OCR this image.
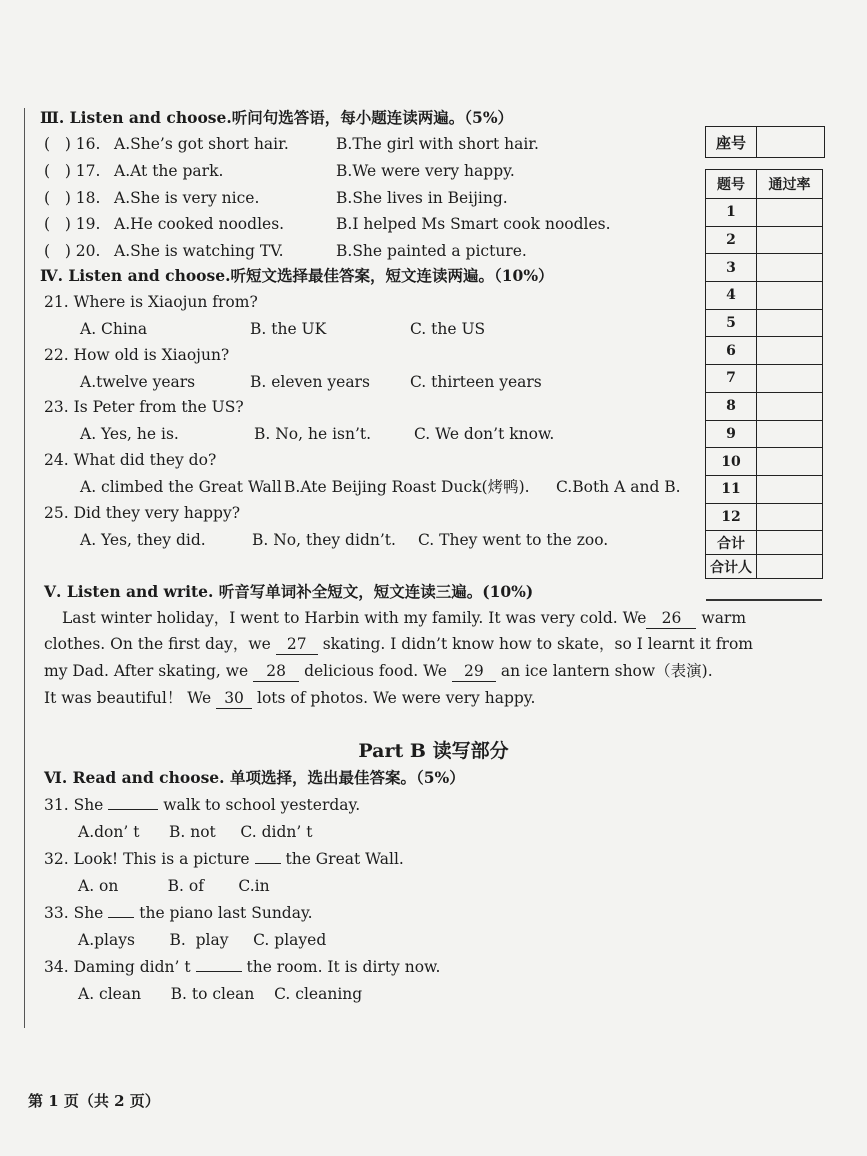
Ⅲ. Listen and choose.听问句选答语，每小题连读两遍。（5%）
(   ) 16. A.She’s got short hair.	B.The girl with short hair.
(   ) 17. A.At the park.	B.We were very happy.
(   ) 18. A.She is very nice.	B.She lives in Beijing.
(   ) 19. A.He cooked noodles.	B.I helped Ms Smart cook noodles.
(   ) 20. A.She is watching TV.	B.She painted a picture.
Ⅳ. Listen and choose.听短文选择最佳答案，短文连读两遍。（10%）
21. Where is Xiaojun from?
A. China	B. the UK	C. the US
22. How old is Xiaojun?
A.twelve years	B. eleven years	C. thirteen years
23. Is Peter from the US?
A. Yes, he is.	B. No, he isn’t.	C. We don’t know.
24. What did they do?
A. climbed the Great Wall B.Ate Beijing Roast Duck(烤鸭). C.Both A and B.
25. Did they very happy?
A. Yes, they did.	B. No, they didn’t. C. They went to the zoo.
Ⅴ. Listen and write. 听音写单词补全短文，短文连读三遍。(10%)
Last winter holiday，I went to Harbin with my family. It was very cold. We 26 warm
clothes. On the first day，we 27 skating. I didn’t know how to skate，so I learnt it from
my Dad. After skating, we 28 delicious food. We 29 an ice lantern show（表演).
It was beautiful！ We 30 lots of photos. We were very happy.
Part B 读写部分
Ⅵ. Read and choose. 单项选择，选出最佳答案。（5%）
31. She	walk to school yesterday.
A.don’ t      B. not     C. didn’ t
32. Look! This is a picture the Great Wall.
A. on          B. of       C.in
33. She the piano last Sunday.
A.plays       B.  play     C. played
34. Daming didn’ t	the room. It is dirty now.
A. clean      B. to clean    C. cleaning
座号
题号	通过率
1	
2	
3	
4	
5	
6	
7	
8	
9	
10	
11	
12	
合计	
合计人	
第 1 页（共 2 页）
